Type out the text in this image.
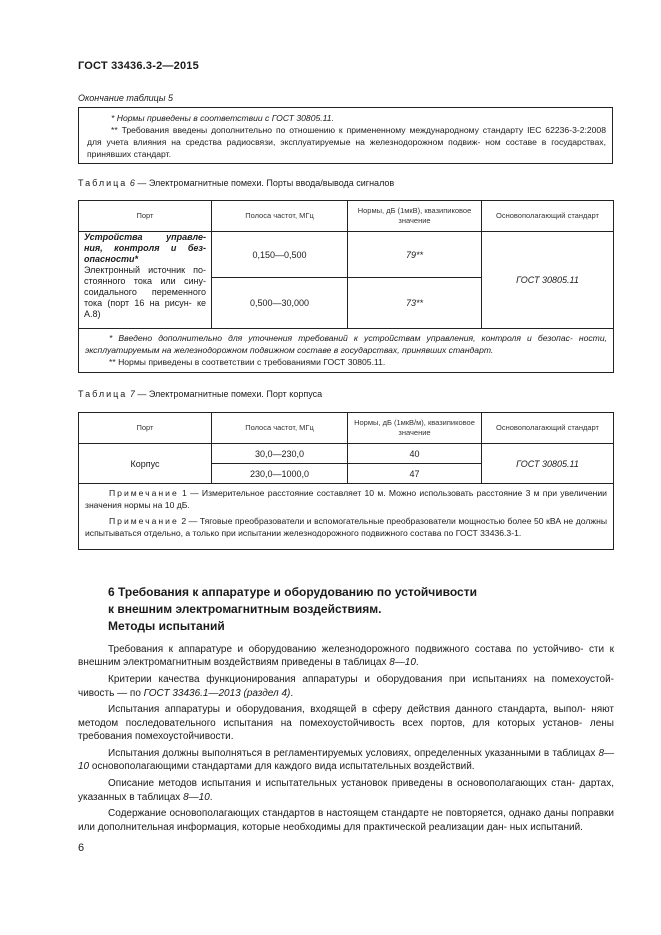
ГОСТ 33436.3-2—2015
Окончание таблицы 5

* Нормы приведены в соответствии с ГОСТ 30805.11.

** Требования введены дополнительно по отношению к примененному международному стандарту IEC 62236-3-2:2008 для учета влияния на средства радиосвязи, эксплуатируемые на железнодорожном подвиж- ном составе в государствах, принявших стандарт.

Таблица 6 — Электромагнитные помехи. Порты ввода/вывода сигналов
Порт	Полоса частот, МГц	Нормы, дБ (1мкВ), квазипиковое значение	Основополагающий стандарт

Устройства управле- ния, контроля и без- опасности*
Электронный источник по- стоянного тока или сину- соидального переменного тока (порт 16 на рисун- ке А.8)	0,150—0,500	79**	ГОСТ 30805.11
	0,500—30,000	73**	

* Введено дополнительно для уточнения требований к устройствам управления, контроля и безопас- ности, эксплуатируемым на железнодорожном подвижном составе в государствах, принявших стандарт.

** Нормы приведены в соответствии с требованиями ГОСТ 30805.11.			

Таблица 7 — Электромагнитные помехи. Порт корпуса
Порт	Полоса частот, МГц	Нормы, дБ (1мкВ/м), квазипиковое значение	Основополагающий стандарт
Корпус	30,0—230,0	40	ГОСТ 30805.11
	230,0—1000,0	47	

Примечание 1 — Измерительное расстояние составляет 10 м. Можно использовать расстояние 3 м при увеличении значения нормы на 10 дБ.

Примечание 2 — Тяговые преобразователи и вспомогательные преобразователи мощностью более 50 кВА не должны испытываться отдельно, а только при испытании железнодорожного подвижного состава по ГОСТ 33436.3-1.			

6 Требования к аппаратуре и оборудованию по устойчивости
к внешним электромагнитным воздействиям.
Методы испытаний

Требования к аппаратуре и оборудованию железнодорожного подвижного состава по устойчиво- сти к внешним электромагнитным воздействиям приведены в таблицах 8—10.

Критерии качества функционирования аппаратуры и оборудования при испытаниях на помехоустой- чивость — по ГОСТ 33436.1—2013 (раздел 4).

Испытания аппаратуры и оборудования, входящей в сферу действия данного стандарта, выпол- няют методом последовательного испытания на помехоустойчивость всех портов, для которых установ- лены требования помехоустойчивости.

Испытания должны выполняться в регламентируемых условиях, определенных указанными в таблицах 8—10 основополагающими стандартами для каждого вида испытательных воздействий.

Описание методов испытания и испытательных установок приведены в основополагающих стан- дартах, указанных в таблицах 8—10.

Содержание основополагающих стандартов в настоящем стандарте не повторяется, однако даны поправки или дополнительная информация, которые необходимы для практической реализации дан- ных испытаний.

6
